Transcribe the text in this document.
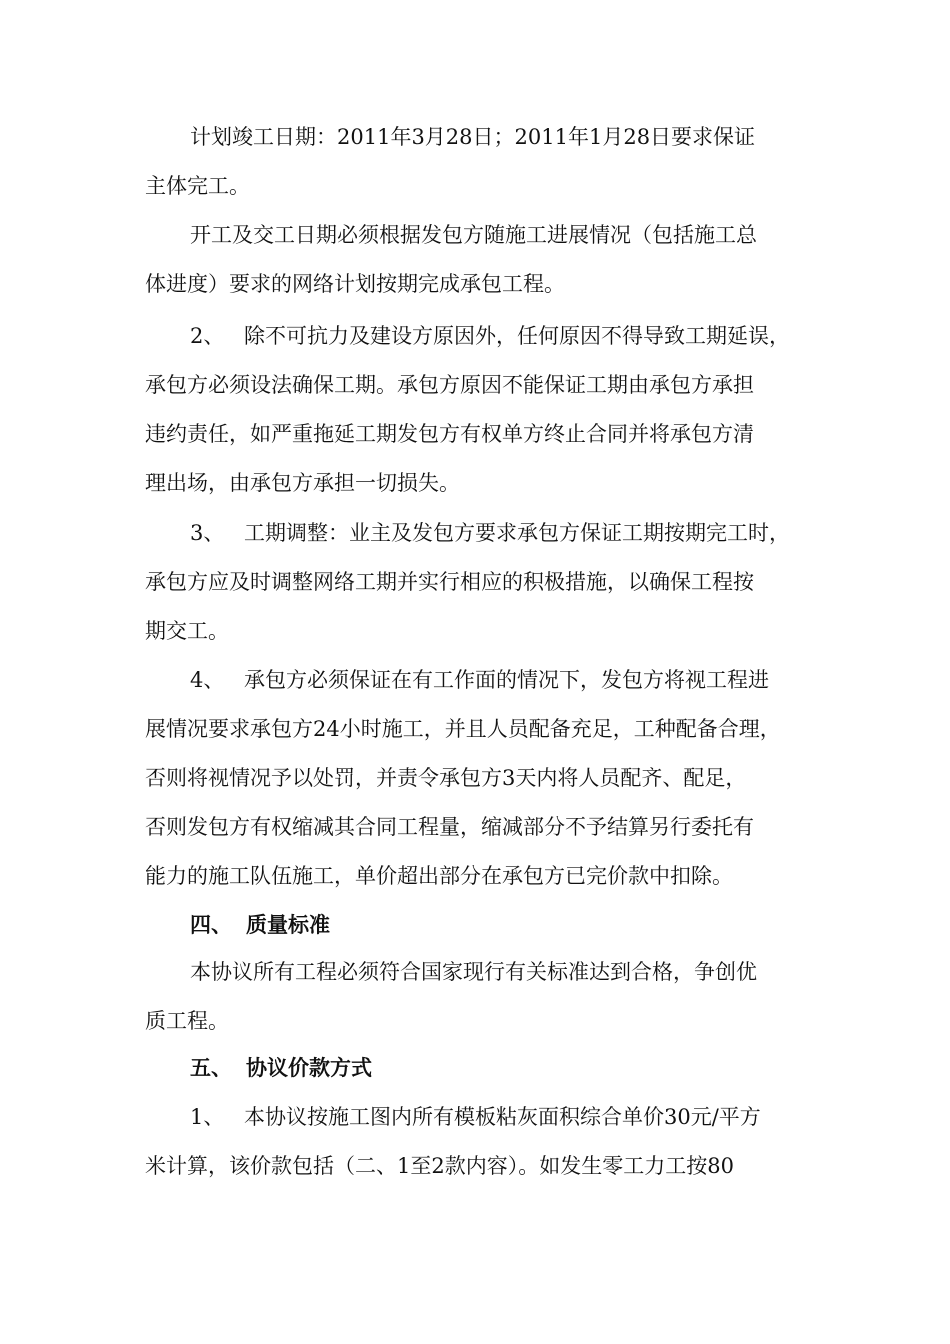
计划竣工日期：2011年3月28日；2011年1月28日要求保证
主体完工。
开工及交工日期必须根据发包方随施工进展情况（包括施工总
体进度）要求的网络计划按期完成承包工程。
2、 除不可抗力及建设方原因外，任何原因不得导致工期延误，
承包方必须设法确保工期。承包方原因不能保证工期由承包方承担
违约责任，如严重拖延工期发包方有权单方终止合同并将承包方清
理出场，由承包方承担一切损失。
3、 工期调整：业主及发包方要求承包方保证工期按期完工时，
承包方应及时调整网络工期并实行相应的积极措施，以确保工程按
期交工。
4、 承包方必须保证在有工作面的情况下，发包方将视工程进
展情况要求承包方24小时施工，并且人员配备充足，工种配备合理，
否则将视情况予以处罚，并责令承包方3天内将人员配齐、配足，
否则发包方有权缩减其合同工程量，缩减部分不予结算另行委托有
能力的施工队伍施工，单价超出部分在承包方已完价款中扣除。
四、 质量标准
本协议所有工程必须符合国家现行有关标准达到合格，争创优
质工程。
五、 协议价款方式
1、 本协议按施工图内所有模板粘灰面积综合单价30元/平方
米计算，该价款包括（二、1至2款内容）。如发生零工力工按80
